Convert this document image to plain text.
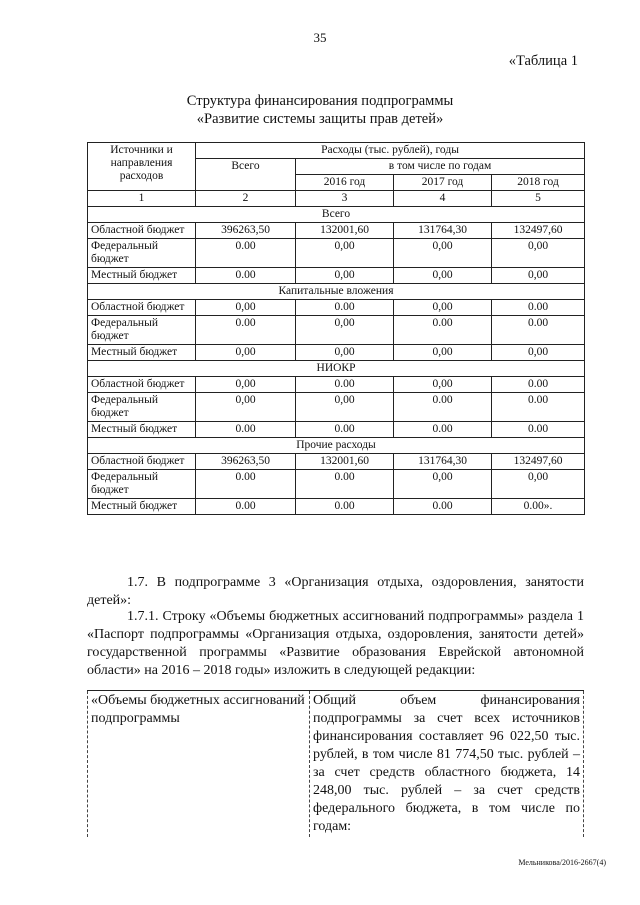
35
«Таблица 1
Структура финансирования подпрограммы
«Развитие системы защиты прав детей»
Источники и направления расходов	Расходы (тыс. рублей), годы			
	Всего	в том числе по годам		
		2016 год	2017 год	2018 год
1	2	3	4	5
Всего				
Областной бюджет	396263,50	132001,60	131764,30	132497,60
Федеральный бюджет	0.00	0,00	0,00	0,00
Местный бюджет	0.00	0,00	0,00	0,00
Капитальные вложения				
Областной бюджет	0,00	0.00	0,00	0.00
Федеральный бюджет	0.00	0,00	0.00	0.00
Местный бюджет	0,00	0,00	0,00	0,00
НИОКР				
Областной бюджет	0,00	0.00	0,00	0.00
Федеральный бюджет	0,00	0,00	0.00	0.00
Местный бюджет	0.00	0.00	0.00	0.00
Прочие расходы				
Областной бюджет	396263,50	132001,60	131764,30	132497,60
Федеральный бюджет	0.00	0.00	0,00	0,00
Местный бюджет	0.00	0.00	0.00	0.00».
1.7. В подпрограмме 3 «Организация отдыха, оздоровления, занятости детей»:
1.7.1. Строку «Объемы бюджетных ассигнований подпрограммы» раздела 1 «Паспорт подпрограммы «Организация отдыха, оздоровления, занятости детей» государственной программы «Развитие образования Еврейской автономной области» на 2016 – 2018 годы» изложить в следующей редакции:
«Объемы бюджетных ассигнований подпрограммы	Общий объем финансирования подпрограммы за счет всех источников финансирования составляет 96 022,50 тыс. рублей, в том числе 81 774,50 тыс. рублей – за счет средств областного бюджета, 14 248,00 тыс. рублей – за счет средств федерального бюджета, в том числе по годам:
Мельникова/2016-2667(4)
